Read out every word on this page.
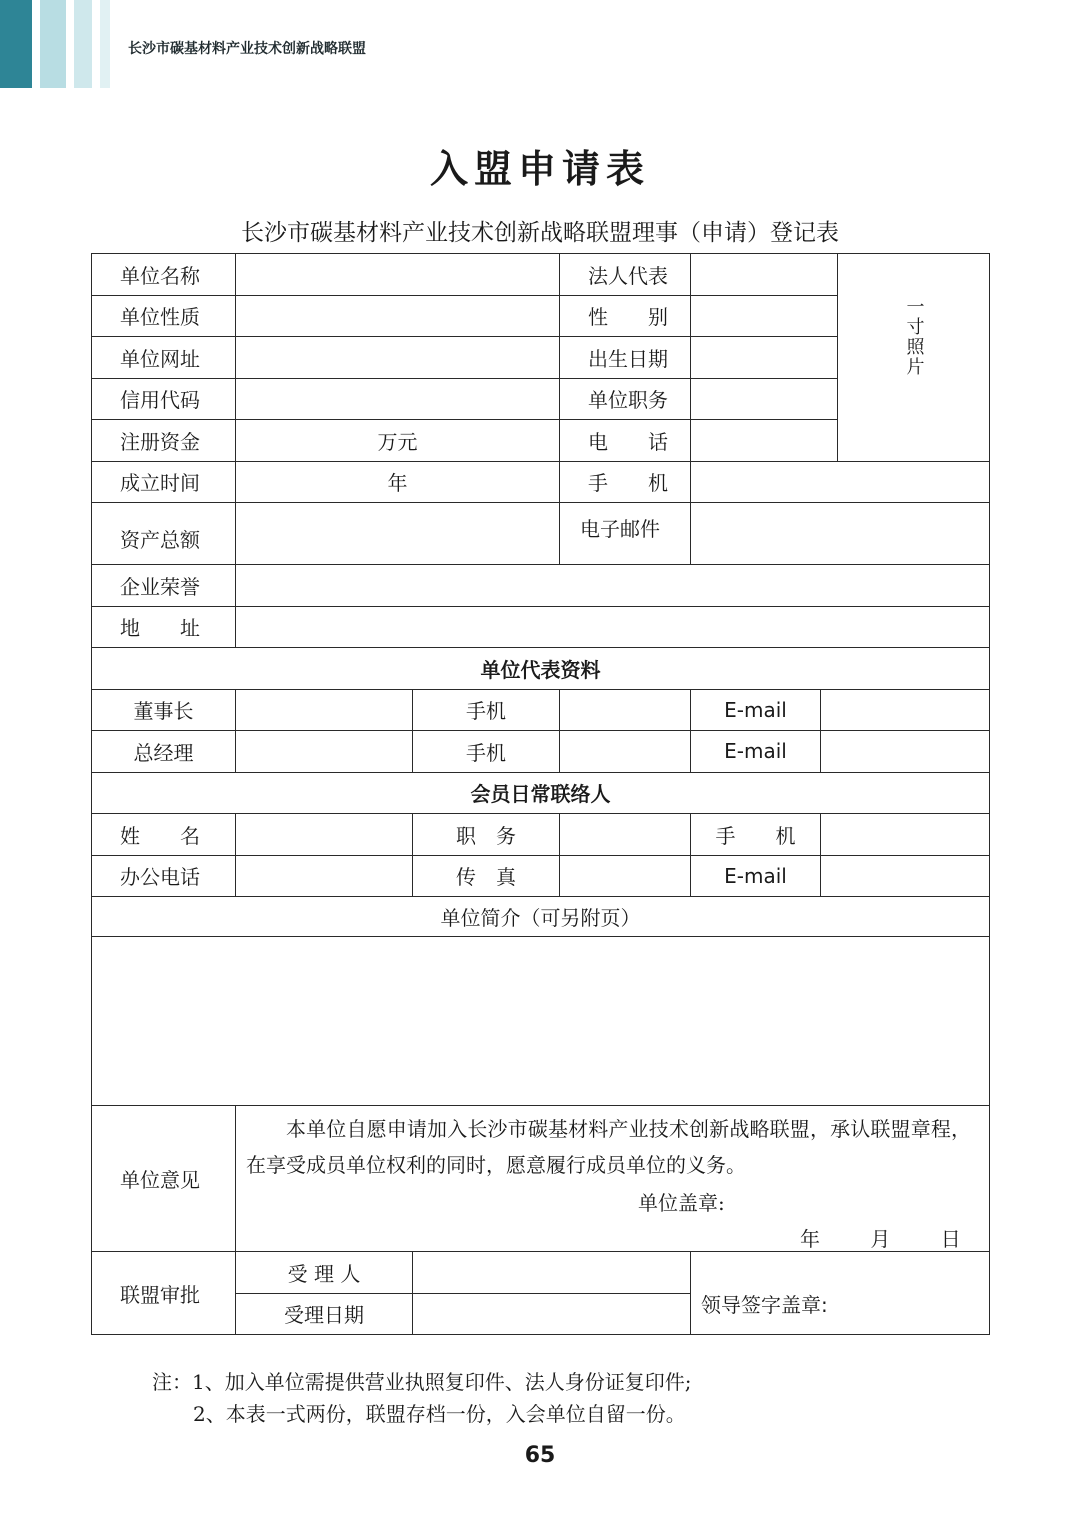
长沙市碳基材料产业技术创新战略联盟
入盟申请表
长沙市碳基材料产业技术创新战略联盟理事（申请）登记表
单位名称			法人代表			一寸照片

单位性质			性　　别			
单位网址			出生日期			
信用代码			单位职务			
注册资金	万元		电　　话			
成立时间	年		手　　机			
资产总额			电子邮件			

企业荣誉						
地　　址						
单位代表资料						
董事长		手机		E-mail		
总经理		手机		E-mail		
会员日常联络人						
姓　　名		职　务		手　　机		
办公电话		传　真		E-mail		
单位简介（可另附页）						

单位意见	本单位自愿申请加入长沙市碳基材料产业技术创新战略联盟，承认联盟章程，在享受成员单位权利的同时，愿意履行成员单位的义务。
单位盖章:
年 月 日					

联盟审批	受 理 人			领导签字盖章:		
	受理日期					
注：1、加入单位需提供营业执照复印件、法人身份证复印件;
2、本表一式两份，联盟存档一份，入会单位自留一份。
65
